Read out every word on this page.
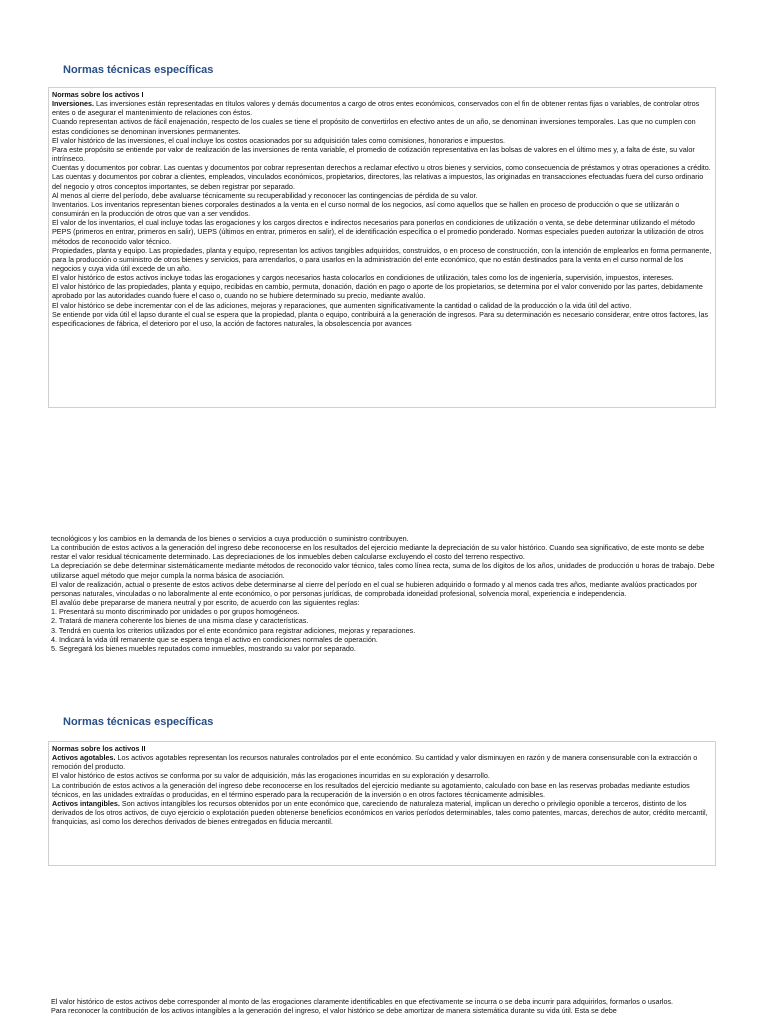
Normas técnicas específicas

Normas sobre los activos I

Inversiones. Las inversiones están representadas en títulos valores y demás documentos a cargo de otros entes económicos, conservados con el fin de obtener rentas fijas o variables, de controlar otros entes o de asegurar el mantenimiento de relaciones con éstos.

Cuando representan activos de fácil enajenación, respecto de los cuales se tiene el propósito de convertirlos en efectivo antes de un año, se denominan inversiones temporales. Las que no cumplen con estas condiciones se denominan inversiones permanentes.

El valor histórico de las inversiones, el cual incluye los costos ocasionados por su adquisición tales como comisiones, honorarios e impuestos.

Para este propósito se entiende por valor de realización de las inversiones de renta variable, el promedio de cotización representativa en las bolsas de valores en el último mes y, a falta de éste, su valor intrínseco.

Cuentas y documentos por cobrar. Las cuentas y documentos por cobrar representan derechos a reclamar efectivo u otros bienes y servicios, como consecuencia de préstamos y otras operaciones a crédito.

Las cuentas y documentos por cobrar a clientes, empleados, vinculados económicos, propietarios, directores, las relativas a impuestos, las originadas en transacciones efectuadas fuera del curso ordinario del negocio y otros conceptos importantes, se deben registrar por separado.

Al menos al cierre del período, debe avaluarse técnicamente su recuperabilidad y reconocer las contingencias de pérdida de su valor.

Inventarios. Los inventarios representan bienes corporales destinados a la venta en el curso normal de los negocios, así como aquellos que se hallen en proceso de producción o que se utilizarán o consumirán en la producción de otros que van a ser vendidos.

El valor de los inventarios, el cual incluye todas las erogaciones y los cargos directos e indirectos necesarios para ponerlos en condiciones de utilización o venta, se debe determinar utilizando el método PEPS (primeros en entrar, primeros en salir), UEPS (últimos en entrar, primeros en salir), el de identificación específica o el promedio ponderado. Normas especiales pueden autorizar la utilización de otros métodos de reconocido valor técnico.

Propiedades, planta y equipo. Las propiedades, planta y equipo, representan los activos tangibles adquiridos, construidos, o en proceso de construcción, con la intención de emplearlos en forma permanente, para la producción o suministro de otros bienes y servicios, para arrendarlos, o para usarlos en la administración del ente económico, que no están destinados para la venta en el curso normal de los negocios y cuya vida útil excede de un año.

El valor histórico de estos activos incluye todas las erogaciones y cargos necesarios hasta colocarlos en condiciones de utilización, tales como los de ingeniería, supervisión, impuestos, intereses.

El valor histórico de las propiedades, planta y equipo, recibidas en cambio, permuta, donación, dación en pago o aporte de los propietarios, se determina por el valor convenido por las partes, debidamente aprobado por las autoridades cuando fuere el caso o, cuando no se hubiere determinado su precio, mediante avalúo.

El valor histórico se debe incrementar con el de las adiciones, mejoras y reparaciones, que aumenten significativamente la cantidad o calidad de la producción o la vida útil del activo.

Se entiende por vida útil el lapso durante el cual se espera que la propiedad, planta o equipo, contribuirá a la generación de ingresos. Para su determinación es necesario considerar, entre otros factores, las especificaciones de fábrica, el deterioro por el uso, la acción de factores naturales, la obsolescencia por avances

tecnológicos y los cambios en la demanda de los bienes o servicios a cuya producción o suministro contribuyen.

La contribución de estos activos a la generación del ingreso debe reconocerse en los resultados del ejercicio mediante la depreciación de su valor histórico. Cuando sea significativo, de este monto se debe restar el valor residual técnicamente determinado. Las depreciaciones de los inmuebles deben calcularse excluyendo el costo del terreno respectivo.

La depreciación se debe determinar sistemáticamente mediante métodos de reconocido valor técnico, tales como línea recta, suma de los dígitos de los años, unidades de producción u horas de trabajo. Debe utilizarse aquel método que mejor cumpla la norma básica de asociación.

El valor de realización, actual o presente de estos activos debe determinarse al cierre del período en el cual se hubieren adquirido o formado y al menos cada tres años, mediante avalúos practicados por personas naturales, vinculadas o no laboralmente al ente económico, o por personas jurídicas, de comprobada idoneidad profesional, solvencia moral, experiencia e independencia.

El avalúo debe prepararse de manera neutral y por escrito, de acuerdo con las siguientes reglas:

1. Presentará su monto discriminado por unidades o por grupos homogéneos.

2. Tratará de manera coherente los bienes de una misma clase y características.

3. Tendrá en cuenta los criterios utilizados por el ente económico para registrar adiciones, mejoras y reparaciones.

4. Indicará la vida útil remanente que se espera tenga el activo en condiciones normales de operación.

5. Segregará los bienes muebles reputados como inmuebles, mostrando su valor por separado.

Normas técnicas específicas

Normas sobre los activos II

Activos agotables. Los activos agotables representan los recursos naturales controlados por el ente económico. Su cantidad y valor disminuyen en razón y de manera consensurable con la extracción o remoción del producto.

El valor histórico de estos activos se conforma por su valor de adquisición, más las erogaciones incurridas en su exploración y desarrollo.

La contribución de estos activos a la generación del ingreso debe reconocerse en los resultados del ejercicio mediante su agotamiento, calculado con base en las reservas probadas mediante estudios técnicos, en las unidades extraídas o producidas, en el término esperado para la recuperación de la inversión o en otros factores técnicamente admisibles.

Activos intangibles. Son activos intangibles los recursos obtenidos por un ente económico que, careciendo de naturaleza material, implican un derecho o privilegio oponible a terceros, distinto de los derivados de los otros activos, de cuyo ejercicio o explotación pueden obtenerse beneficios económicos en varios períodos determinables, tales como patentes, marcas, derechos de autor, crédito mercantil, franquicias, así como los derechos derivados de bienes entregados en fiducia mercantil.

El valor histórico de estos activos debe corresponder al monto de las erogaciones claramente identificables en que efectivamente se incurra o se deba incurrir para adquirirlos, formarlos o usarlos.

Para reconocer la contribución de los activos intangibles a la generación del ingreso, el valor histórico se debe amortizar de manera sistemática durante su vida útil. Esta se debe
